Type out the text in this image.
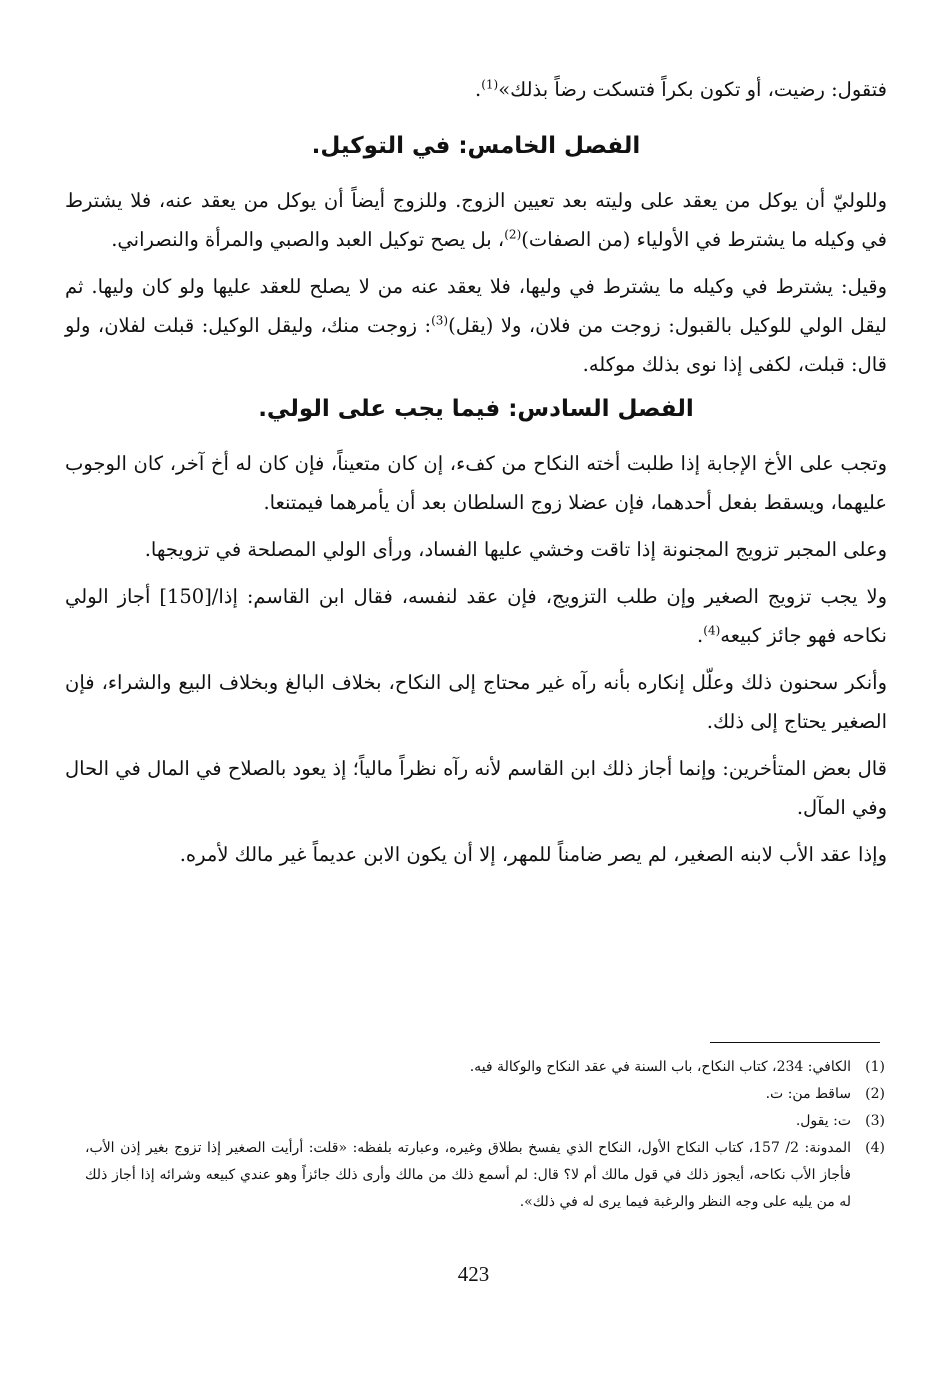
فتقول: رضيت، أو تكون بكراً فتسكت رضاً بذلك»$^{(1)}$.

الفصل الخامس: في التوكيل.

وللوليّ أن يوكل من يعقد على وليته بعد تعيين الزوج. وللزوج أيضاً أن يوكل من يعقد عنه، فلا يشترط في وكيله ما يشترط في الأولياء (من الصفات)$^{(2)}$، بل يصح توكيل العبد والصبي والمرأة والنصراني.

وقيل: يشترط في وكيله ما يشترط في وليها، فلا يعقد عنه من لا يصلح للعقد عليها ولو كان وليها. ثم ليقل الولي للوكيل بالقبول: زوجت من فلان، ولا (يقل)$^{(3)}$: زوجت منك، وليقل الوكيل: قبلت لفلان، ولو قال: قبلت، لكفى إذا نوى بذلك موكله.

الفصل السادس: فيما يجب على الولي.

وتجب على الأخ الإجابة إذا طلبت أخته النكاح من كفء، إن كان متعيناً، فإن كان له أخ آخر، كان الوجوب عليهما، ويسقط بفعل أحدهما، فإن عضلا زوج السلطان بعد أن يأمرهما فيمتنعا.

وعلى المجبر تزويج المجنونة إذا تاقت وخشي عليها الفساد، ورأى الولي المصلحة في تزويجها.

ولا يجب تزويج الصغير وإن طلب التزويج، فإن عقد لنفسه، فقال ابن القاسم: إذا/[150] أجاز الولي نكاحه فهو جائز كبيعه$^{(4)}$.

وأنكر سحنون ذلك وعلّل إنكاره بأنه رآه غير محتاج إلى النكاح، بخلاف البالغ وبخلاف البيع والشراء، فإن الصغير يحتاج إلى ذلك.

قال بعض المتأخرين: وإنما أجاز ذلك ابن القاسم لأنه رآه نظراً مالياً؛ إذ يعود بالصلاح في المال في الحال وفي المآل.

وإذا عقد الأب لابنه الصغير، لم يصر ضامناً للمهر، إلا أن يكون الابن عديماً غير مالك لأمره.

(1)
الكافي: 234، كتاب النكاح، باب السنة في عقد النكاح والوكالة فيه.
(2)
ساقط من: ت.
(3)
ت: يقول.
(4)
المدونة: 2/ 157، كتاب النكاح الأول، النكاح الذي يفسخ بطلاق وغيره، وعبارته بلفظه: «قلت: أرأيت الصغير إذا تزوج بغير إذن الأب، فأجاز الأب نكاحه، أيجوز ذلك في قول مالك أم لا؟ قال: لم أسمع ذلك من مالك وأرى ذلك جائزاً وهو عندي كبيعه وشرائه إذا أجاز ذلك له من يليه على وجه النظر والرغبة فيما يرى له في ذلك».
423
